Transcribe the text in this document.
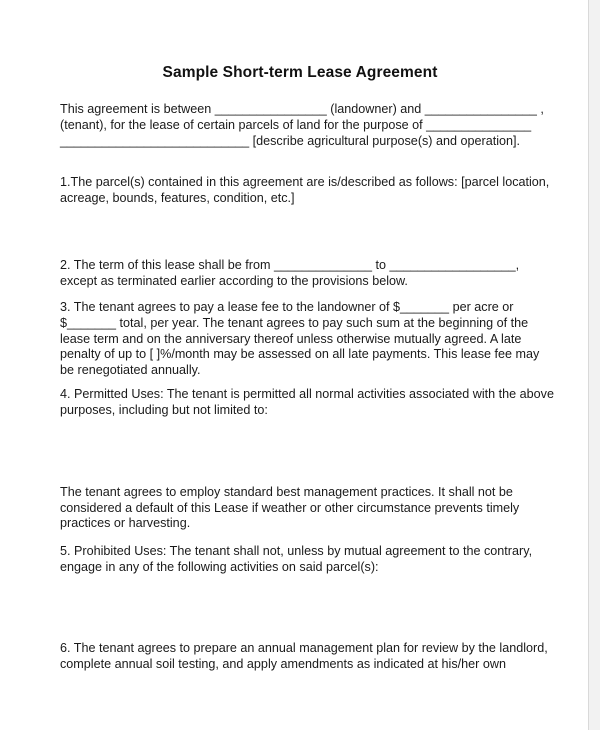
Sample Short-term Lease Agreement
This agreement is between ________________ (landowner) and ________________ ,
(tenant), for the lease of certain parcels of land for the purpose of _______________
___________________________ [describe agricultural purpose(s) and operation].
1.The parcel(s) contained in this agreement are is/described as follows: [parcel location,
acreage, bounds, features, condition, etc.]
2. The term of this lease shall be from ______________ to __________________,
except as terminated earlier according to the provisions below.
3. The tenant agrees to pay a lease fee to the landowner of $_______ per acre or
$_______ total, per year. The tenant agrees to pay such sum at the beginning of the
lease term and on the anniversary thereof unless otherwise mutually agreed. A late
penalty of up to [ ]%/month may be assessed on all late payments. This lease fee may
be renegotiated annually.
4. Permitted Uses: The tenant is permitted all normal activities associated with the above
purposes, including but not limited to:
The tenant agrees to employ standard best management practices. It shall not be
considered a default of this Lease if weather or other circumstance prevents timely
practices or harvesting.
5. Prohibited Uses: The tenant shall not, unless by mutual agreement to the contrary,
engage in any of the following activities on said parcel(s):
6. The tenant agrees to prepare an annual management plan for review by the landlord,
complete annual soil testing, and apply amendments as indicated at his/her own
